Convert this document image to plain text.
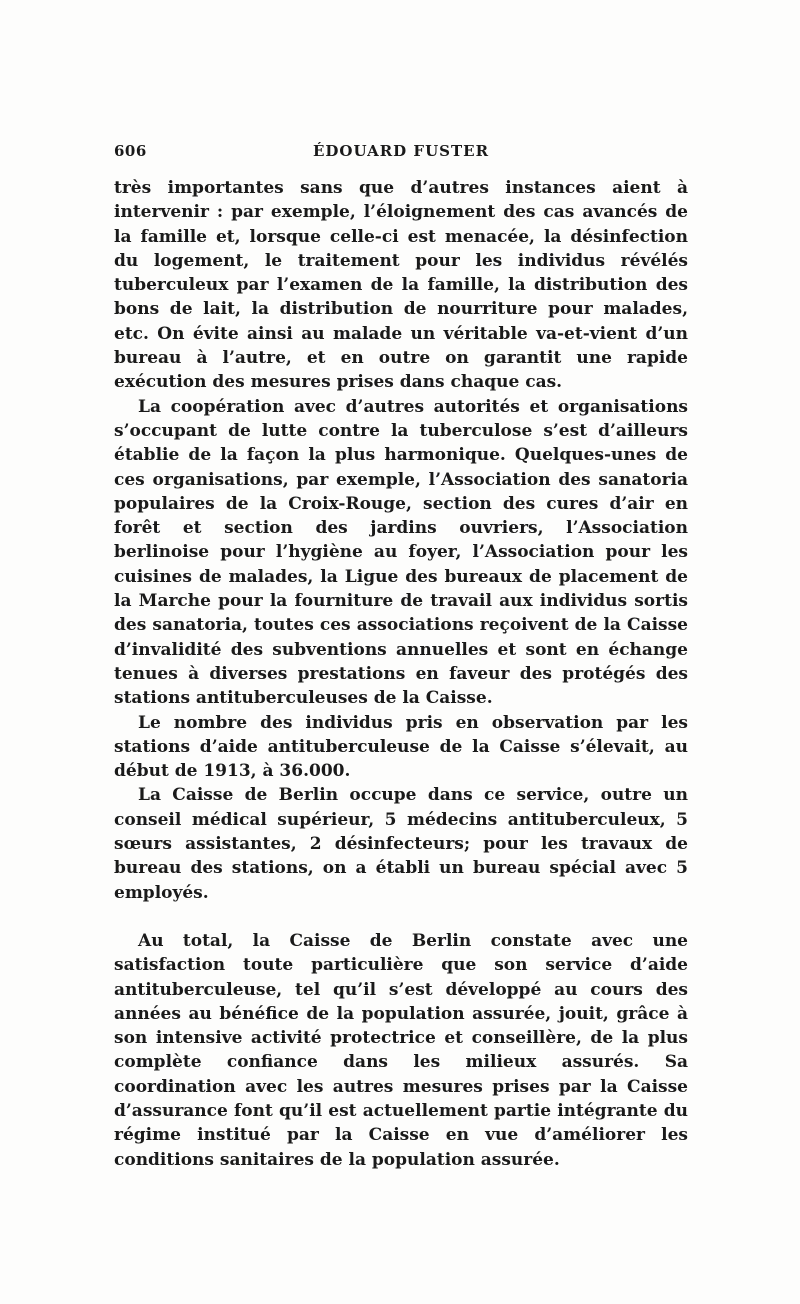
606	ÉDOUARD FUSTER

très importantes sans que d’autres instances aient à intervenir : par exemple, l’éloignement des cas avancés de la famille et, lorsque celle-ci est menacée, la désinfection du logement, le traitement pour les individus révélés tuberculeux par l’examen de la famille, la distribution des bons de lait, la distribution de nourriture pour malades, etc. On évite ainsi au malade un véritable va-et-vient d’un bureau à l’autre, et en outre on garantit une rapide exécution des mesures prises dans chaque cas.

La coopération avec d’autres autorités et organisations s’occupant de lutte contre la tuberculose s’est d’ailleurs établie de la façon la plus harmonique. Quelques-unes de ces organisations, par exemple, l’Association des sanatoria populaires de la Croix-Rouge, section des cures d’air en forêt et section des jardins ouvriers, l’Association berlinoise pour l’hygiène au foyer, l’Association pour les cuisines de malades, la Ligue des bureaux de placement de la Marche pour la fourniture de travail aux individus sortis des sanatoria, toutes ces associations reçoivent de la Caisse d’invalidité des subventions annuelles et sont en échange tenues à diverses prestations en faveur des protégés des stations antituberculeuses de la Caisse.

Le nombre des individus pris en observation par les stations d’aide antituberculeuse de la Caisse s’élevait, au début de 1913, à 36.000.

La Caisse de Berlin occupe dans ce service, outre un conseil médical supérieur, 5 médecins antituberculeux, 5 sœurs assistantes, 2 désinfecteurs; pour les travaux de bureau des stations, on a établi un bureau spécial avec 5 employés.

Au total, la Caisse de Berlin constate avec une satisfaction toute particulière que son service d’aide antituberculeuse, tel qu’il s’est développé au cours des années au bénéfice de la population assurée, jouit, grâce à son intensive activité protectrice et conseillère, de la plus complète confiance dans les milieux assurés. Sa coordination avec les autres mesures prises par la Caisse d’assurance font qu’il est actuellement partie intégrante du régime institué par la Caisse en vue d’améliorer les conditions sanitaires de la population assurée.
